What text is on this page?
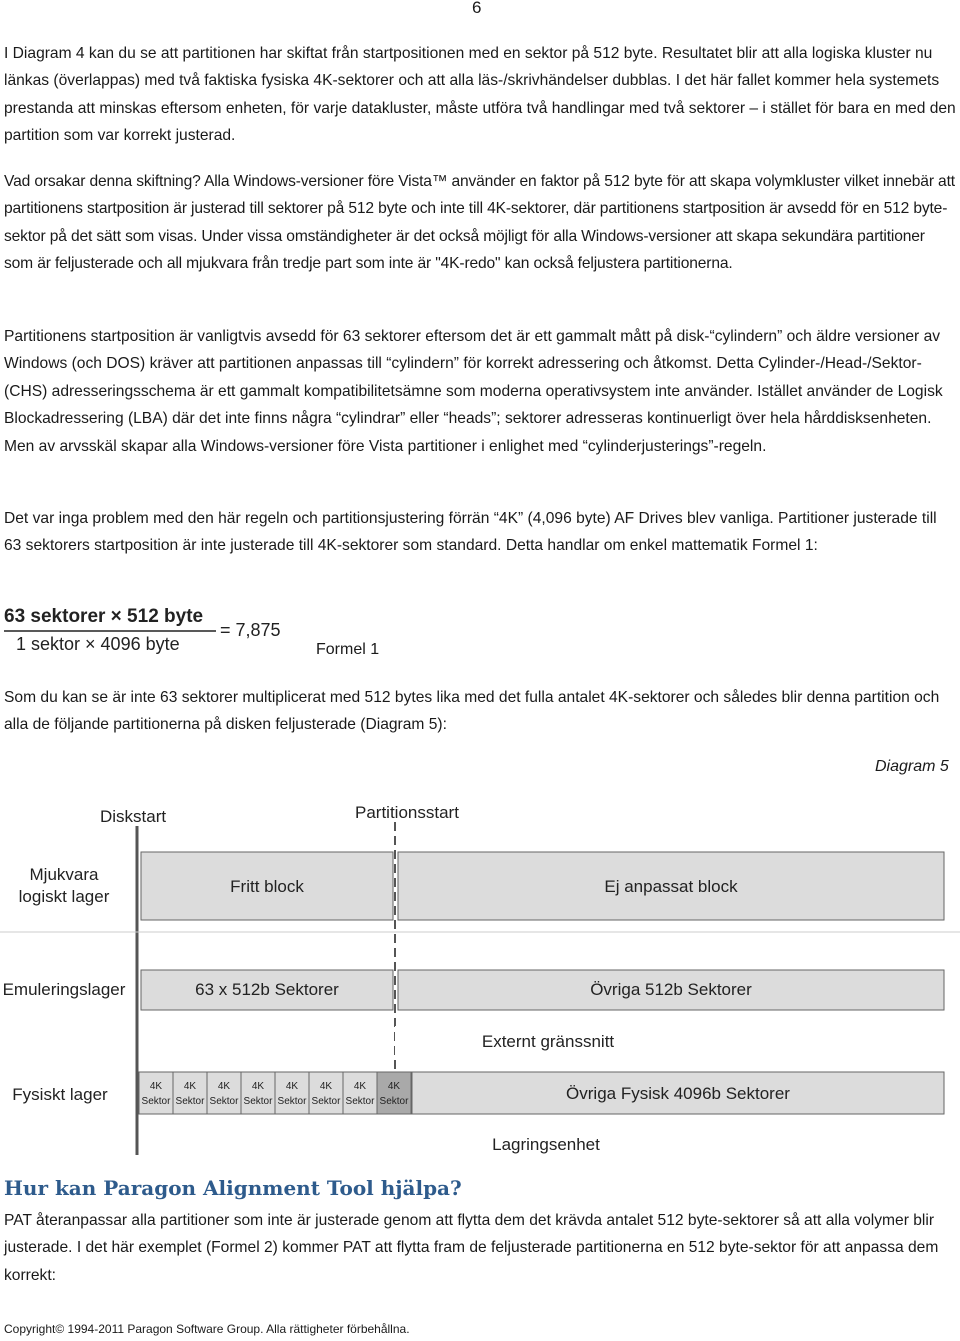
6

I Diagram 4 kan du se att partitionen har skiftat från startpositionen med en sektor på 512 byte. Resultatet blir att alla logiska kluster nu länkas (överlappas) med två faktiska fysiska 4K-sektorer och att alla läs-/skrivhändelser dubblas. I det här fallet kommer hela systemets prestanda att minskas eftersom enheten, för varje datakluster, måste utföra två handlingar med två sektorer – i stället för bara en med den partition som var korrekt justerad.

Vad orsakar denna skiftning? Alla Windows-versioner före Vista™ använder en faktor på 512 byte för att skapa volymkluster vilket innebär att partitionens startposition är justerad till sektorer på 512 byte och inte till 4K-sektorer, där partitionens startposition är avsedd för en 512 byte-sektor på det sätt som visas. Under vissa omständigheter är det också möjligt för alla Windows-versioner att skapa sekundära partitioner som är feljusterade och all mjukvara från tredje part som inte är "4K-redo" kan också feljustera partitionerna.

Partitionens startposition är vanligtvis avsedd för 63 sektorer eftersom det är ett gammalt mått på disk-“cylindern” och äldre versioner av Windows (och DOS) kräver att partitionen anpassas till “cylindern” för korrekt adressering och åtkomst. Detta Cylinder-/Head-/Sektor- (CHS) adresseringsschema är ett gammalt kompatibilitetsämne som moderna operativsystem inte använder. Istället använder de Logisk Blockadressering (LBA) där det inte finns några “cylindrar” eller “heads”; sektorer adresseras kontinuerligt över hela hårddisksenheten. Men av arvsskäl skapar alla Windows-versioner före Vista partitioner i enlighet med “cylinderjusterings”-regeln.

Det var inga problem med den här regeln och partitionsjustering förrän “4K” (4,096 byte) AF Drives blev vanliga. Partitioner justerade till 63 sektorers startposition är inte justerade till 4K-sektorer som standard. Detta handlar om enkel mattematik Formel 1:

63 sektorer × 512 byte
1 sektor × 4096 byte
= 7,875
Formel 1

Som du kan se är inte 63 sektorer multiplicerat med 512 bytes lika med det fulla antalet 4K-sektorer och således blir denna partition och alla de följande partitionerna på disken feljusterade (Diagram 5):

Diagram 5
Diskstart	Partitionsstart
Mjukvara
logiskt lager
Fritt block	Ej anpassat block
Emuleringslager	63 x 512b Sektorer	Övriga 512b Sektorer
Externt gränssnitt
Fysiskt lager	4K
Sektor
4K
Sektor
4K
Sektor
4K
Sektor
4K
Sektor
4K
Sektor
4K
Sektor
4K
Sektor	Övriga Fysisk 4096b Sektorer
Lagringsenhet
Hur kan Paragon Alignment Tool hjälpa?

PAT återanpassar alla partitioner som inte är justerade genom att flytta dem det krävda antalet 512 byte-sektorer så att alla volymer blir justerade. I det här exemplet (Formel 2) kommer PAT att flytta fram de feljusterade partitionerna en 512 byte-sektor för att anpassa dem korrekt:

Copyright© 1994-2011 Paragon Software Group. Alla rättigheter förbehållna.
